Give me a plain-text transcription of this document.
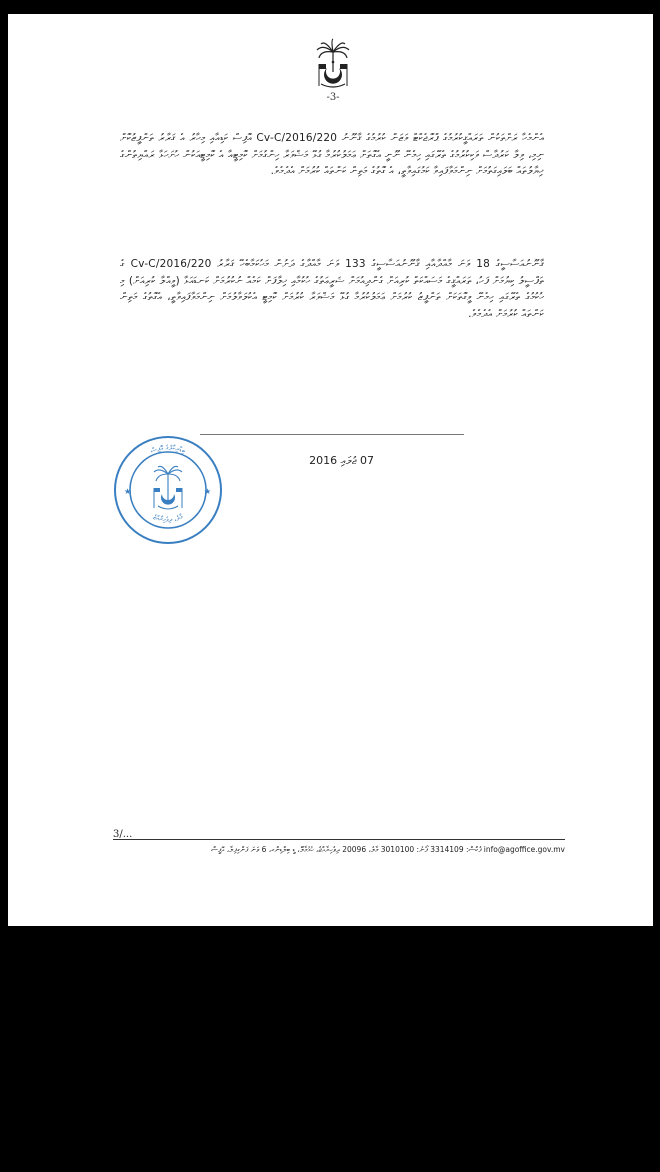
-3-
އެންމެހާ ރަށްތަކުން ތަރައްޤީކުރުމުގެ ޕްރޮޖެކްޓް ވަޒަން ކުރުމުގެ ޤާނޫނު 220/Cv-C/2016 އޮފިސް ކަޑިއާއި މިހާރު އެ ޤަރާރު ތަންފީޒުކޮށް ނިމި، ވިލާ ކަރުދާސް ވަކިކުރުމުގެ ތެރޭގައި ހިމެނޭ ނޫނީ އެގޮތަށް ޢަމަލުކުރުމާ ގުޅޭ މަޝްވަރާ ހިންގުމަށް ކޮމިޓީއާ އެ ކޮމިޓީއަކުން ހުށަހަޅާ ރައްޔިތުންގެ ޚިޔާލުތައް ބަލައިގަތުމަށް ނިންމަވާފައިވާ ކަމުގައިވާތީ، އެ ގޮތުގެ މަތިން ކަންތައް ކުރުމަށް އެދެމެވެ.
ޤާނޫނުއަސާސީގެ 18 ވަނަ މާއްދާއާއި ޤާނޫނުއަސާސީގެ 133 ވަނަ މާއްދާގެ ދަށުން މަހުކަމާބެހޭ ޤަރާރު 220/Cv-C/2016 ގެ ތަފްސީލު ކިޔުމަށް ފަހު، ތަރައްޤީގެ މަސައްކަތް ކުރިއަށް ގެންދިއުމަށް ޝަރީޢަތުގެ ހުކުމާއި ޚިލާފަށް ކަމެއް ނުކުރުމަށް ކަނޑައަޅާ (ވީއްލާ ކުރިއަށް) މި ހުކުމުގެ ތެރޭގައި ހިމެނޭ ވީގޮތަކަށް ތަންފީޒު ކުރުމަށް ޢަމަލުކުރުމާ ގުޅޭ މަޝްވަރާ ކުރުމަށް ކޮމިޓީ އެކުލަވާލުމަށް ނިންމަވާފައިވާތީ، އެގޮތުގެ މަތިން ކަންތައް ކުރުމަށް އެދެމެވެ.
ބިޑާރިކާލްގެ އޮފީސް
މާލެ، ދިވެހިރާއްޖެ
★	★
07 ޖުލައި 2016
3/...
info@agoffice.gov.mv ފެކްސް: 3314109 ފޯނު: 3010100 މާލެ، 20096 ދިވެހިރާއްޖެ، ހުޅުމާލޭ، ޑީ ބިލްޑިންގ، 6 ވަނަ ފަންގިފިލާ، އޮފީސް
